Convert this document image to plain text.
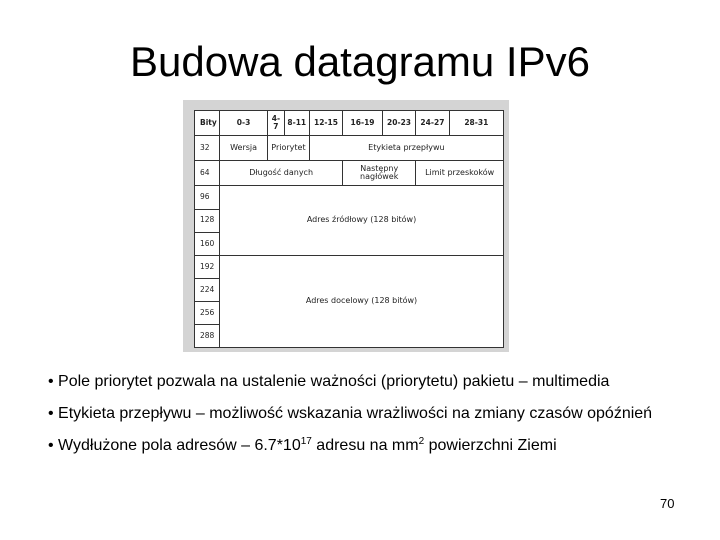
Budowa datagramu IPv6
Bity	0-3	4-7	8-11	12-15	16-19	20-23	24-27	28-31
32	Wersja	Priorytet		Etykieta przepływu				
64	Długość danych				Następny nagłówek		Limit przeskoków	
96	Adres źródłowy (128 bitów)							
128								
160								
192	Adres docelowy (128 bitów)							
224								
256								
288								
• Pole priorytet pozwala na ustalenie ważności (priorytetu) pakietu – multimedia
• Etykieta przepływu – możliwość wskazania wrażliwości na zmiany czasów opóźnień
• Wydłużone pola adresów – $6.7*10^{17}$ adresu na $mm^2$ powierzchni Ziemi
70
